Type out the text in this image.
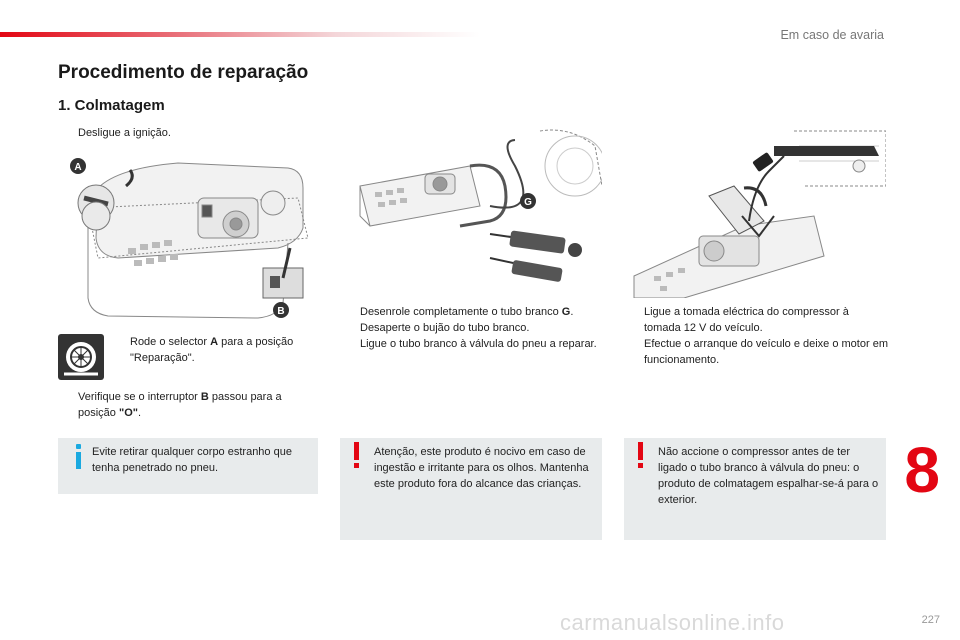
Em caso de avaria
Procedimento de reparação
1. Colmatagem
Desligue a ignição.
A
B
Rode o selector A para a posição "Reparação".
Verifique se o interruptor B passou para a posição "O".
Evite retirar qualquer corpo estranho que tenha penetrado no pneu.
G
Desenrole completamente o tubo branco G.
Desaperte o bujão do tubo branco.
Ligue o tubo branco à válvula do pneu a reparar.
Atenção, este produto é nocivo em caso de ingestão e irritante para os olhos. Mantenha este produto fora do alcance das crianças.
Ligue a tomada eléctrica do compressor à tomada 12 V do veículo.
Efectue o arranque do veículo e deixe o motor em funcionamento.
Não accione o compressor antes de ter ligado o tubo branco à válvula do pneu: o produto de colmatagem espalhar-se-á para o exterior.	8
carmanualsonline.info	227
